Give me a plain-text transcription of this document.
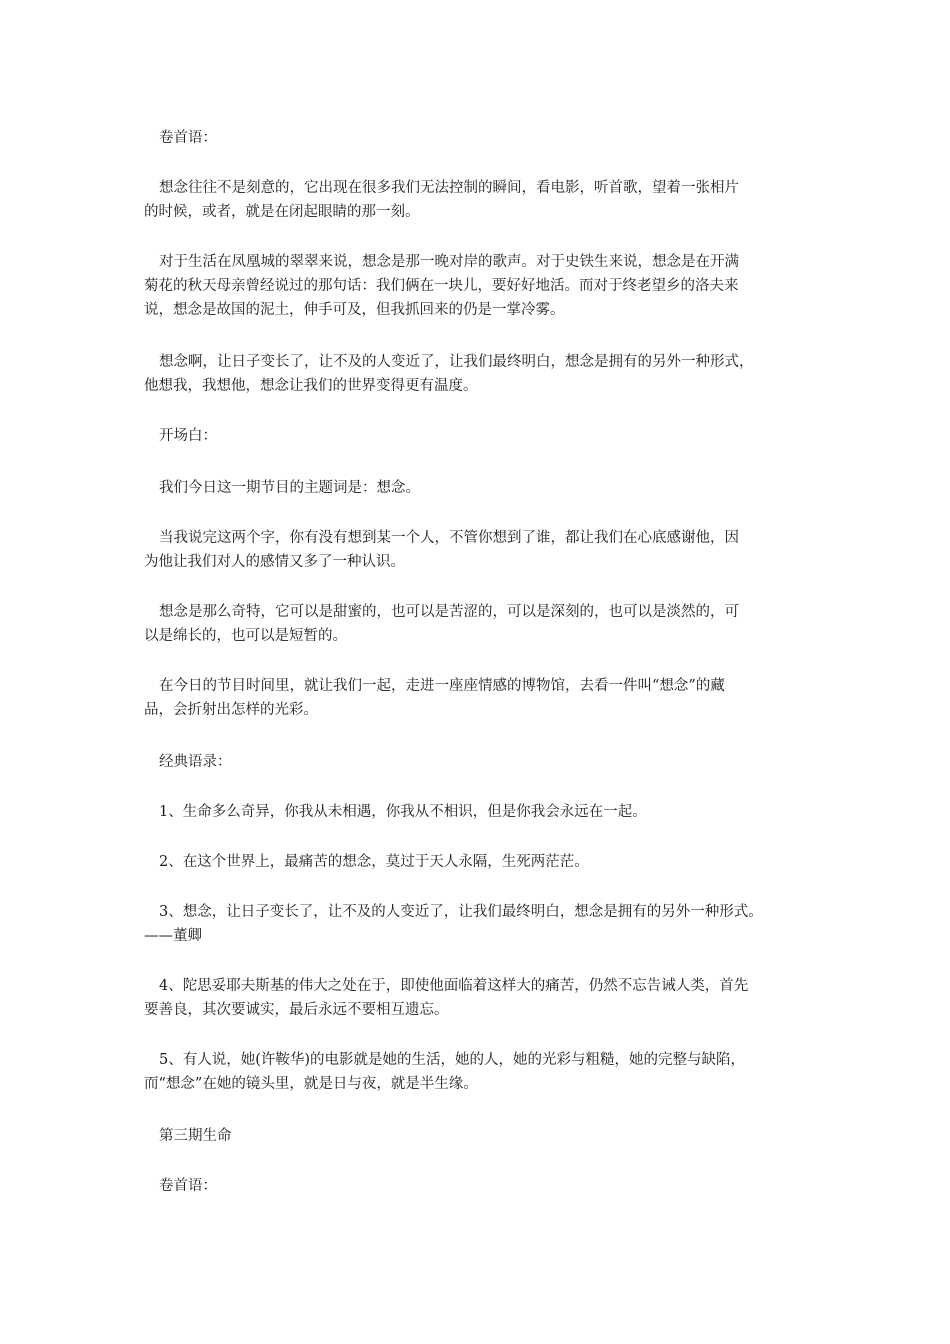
卷首语：

想念往往不是刻意的，它出现在很多我们无法控制的瞬间，看电影，听首歌，望着一张相片
的时候，或者，就是在闭起眼睛的那一刻。

对于生活在凤凰城的翠翠来说，想念是那一晚对岸的歌声。对于史铁生来说，想念是在开满
菊花的秋天母亲曾经说过的那句话：我们俩在一块儿，要好好地活。而对于终老望乡的洛夫来
说，想念是故国的泥土，伸手可及，但我抓回来的仍是一掌冷雾。

想念啊，让日子变长了，让不及的人变近了，让我们最终明白，想念是拥有的另外一种形式，
他想我，我想他，想念让我们的世界变得更有温度。

开场白：

我们今日这一期节目的主题词是：想念。

当我说完这两个字，你有没有想到某一个人，不管你想到了谁，都让我们在心底感谢他，因
为他让我们对人的感情又多了一种认识。

想念是那么奇特，它可以是甜蜜的，也可以是苦涩的，可以是深刻的，也可以是淡然的，可
以是绵长的，也可以是短暂的。

在今日的节目时间里，就让我们一起，走进一座座情感的博物馆，去看一件叫“想念”的藏
品，会折射出怎样的光彩。

经典语录：

1、生命多么奇异，你我从未相遇，你我从不相识，但是你我会永远在一起。

2、在这个世界上，最痛苦的想念，莫过于天人永隔，生死两茫茫。

3、想念，让日子变长了，让不及的人变近了，让我们最终明白，想念是拥有的另外一种形式。
——董卿

4、陀思妥耶夫斯基的伟大之处在于，即使他面临着这样大的痛苦，仍然不忘告诫人类，首先
要善良，其次要诚实，最后永远不要相互遗忘。

5、有人说，她(许鞍华)的电影就是她的生活，她的人，她的光彩与粗糙，她的完整与缺陷，
而“想念”在她的镜头里，就是日与夜，就是半生缘。

第三期生命

卷首语：
